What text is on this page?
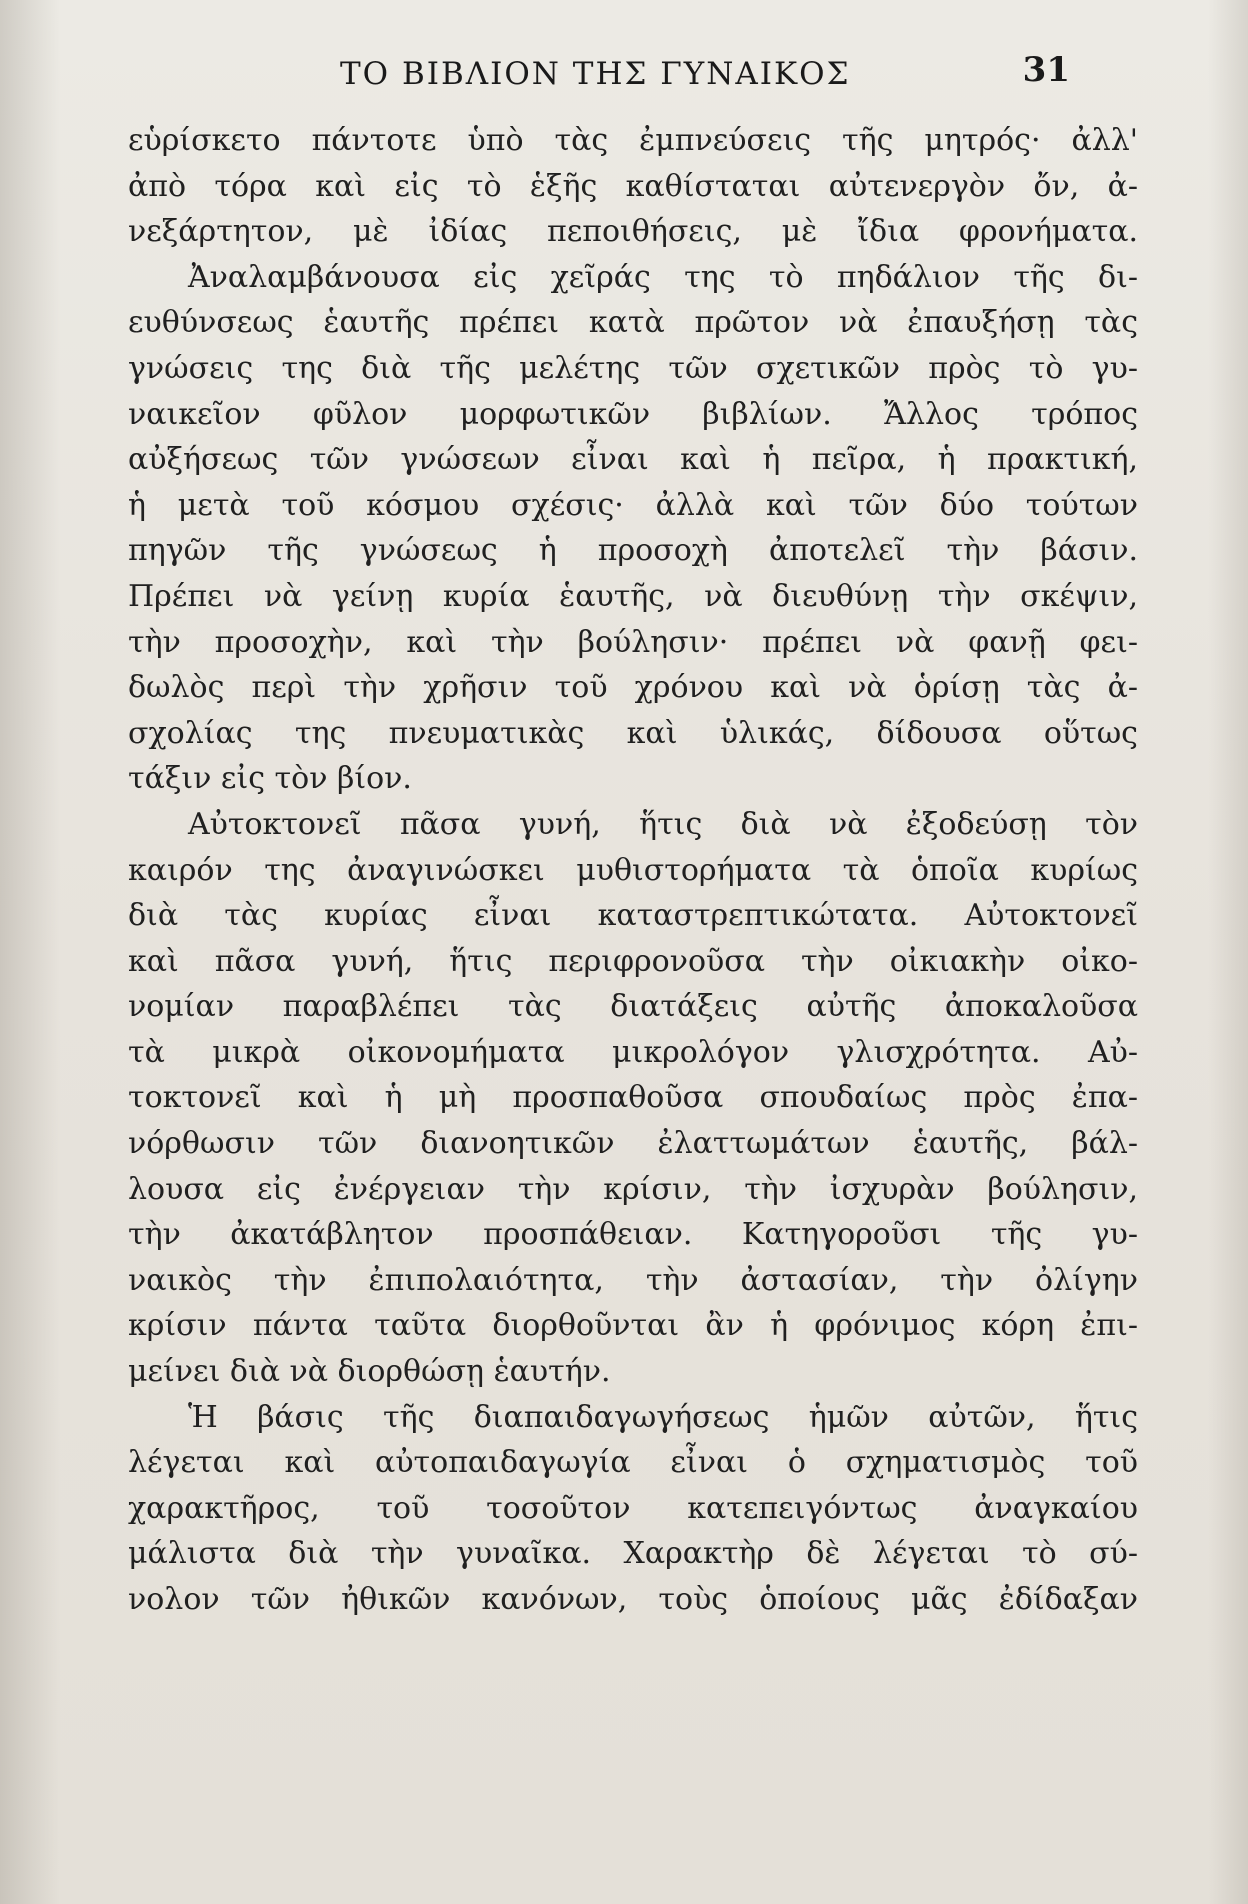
ΤΟ ΒΙΒΛΙΟΝ ΤΗΣ ΓΥΝΑΙΚΟΣ	31
εὑρίσκετο πάντοτε ὑπὸ τὰς ἐμπνεύσεις τῆς μητρός· ἀλλ'
ἀπὸ τόρα καὶ εἰς τὸ ἑξῆς καθίσταται αὐτενεργὸν ὄν, ἀ-
νεξάρτητον, μὲ ἰδίας πεποιθήσεις, μὲ ἴδια φρονήματα.
Ἀναλαμβάνουσα εἰς χεῖράς της τὸ πηδάλιον τῆς δι-
ευθύνσεως ἑαυτῆς πρέπει κατὰ πρῶτον νὰ ἐπαυξήσῃ τὰς
γνώσεις της διὰ τῆς μελέτης τῶν σχετικῶν πρὸς τὸ γυ-
ναικεῖον φῦλον μορφωτικῶν βιβλίων. Ἄλλος τρόπος
αὐξήσεως τῶν γνώσεων εἶναι καὶ ἡ πεῖρα, ἡ πρακτική,
ἡ μετὰ τοῦ κόσμου σχέσις· ἀλλὰ καὶ τῶν δύο τούτων
πηγῶν τῆς γνώσεως ἡ προσοχὴ ἀποτελεῖ τὴν βάσιν.
Πρέπει νὰ γείνῃ κυρία ἑαυτῆς, νὰ διευθύνῃ τὴν σκέψιν,
τὴν προσοχὴν, καὶ τὴν βούλησιν· πρέπει νὰ φανῇ φει-
δωλὸς περὶ τὴν χρῆσιν τοῦ χρόνου καὶ νὰ ὁρίσῃ τὰς ἀ-
σχολίας της πνευματικὰς καὶ ὑλικάς, δίδουσα οὕτως
τάξιν εἰς τὸν βίον.
Αὐτοκτονεῖ πᾶσα γυνή, ἥτις διὰ νὰ ἐξοδεύσῃ τὸν
καιρόν της ἀναγινώσκει μυθιστορήματα τὰ ὁποῖα κυρίως
διὰ τὰς κυρίας εἶναι καταστρεπτικώτατα. Αὐτοκτονεῖ
καὶ πᾶσα γυνή, ἥτις περιφρονοῦσα τὴν οἰκιακὴν οἰκο-
νομίαν παραβλέπει τὰς διατάξεις αὐτῆς ἀποκαλοῦσα
τὰ μικρὰ οἰκονομήματα μικρολόγον γλισχρότητα. Αὐ-
τοκτονεῖ καὶ ἡ μὴ προσπαθοῦσα σπουδαίως πρὸς ἐπα-
νόρθωσιν τῶν διανοητικῶν ἐλαττωμάτων ἑαυτῆς, βάλ-
λουσα εἰς ἐνέργειαν τὴν κρίσιν, τὴν ἰσχυρὰν βούλησιν,
τὴν ἀκατάβλητον προσπάθειαν. Κατηγοροῦσι τῆς γυ-
ναικὸς τὴν ἐπιπολαιότητα, τὴν ἀστασίαν, τὴν ὀλίγην
κρίσιν πάντα ταῦτα διορθοῦνται ἂν ἡ φρόνιμος κόρη ἐπι-
μείνει διὰ νὰ διορθώσῃ ἑαυτήν.
Ἡ βάσις τῆς διαπαιδαγωγήσεως ἡμῶν αὐτῶν, ἥτις
λέγεται καὶ αὐτοπαιδαγωγία εἶναι ὁ σχηματισμὸς τοῦ
χαρακτῆρος, τοῦ τοσοῦτον κατεπειγόντως ἀναγκαίου
μάλιστα διὰ τὴν γυναῖκα. Χαρακτὴρ δὲ λέγεται τὸ σύ-
νολον τῶν ἠθικῶν κανόνων, τοὺς ὁποίους μᾶς ἐδίδαξαν
